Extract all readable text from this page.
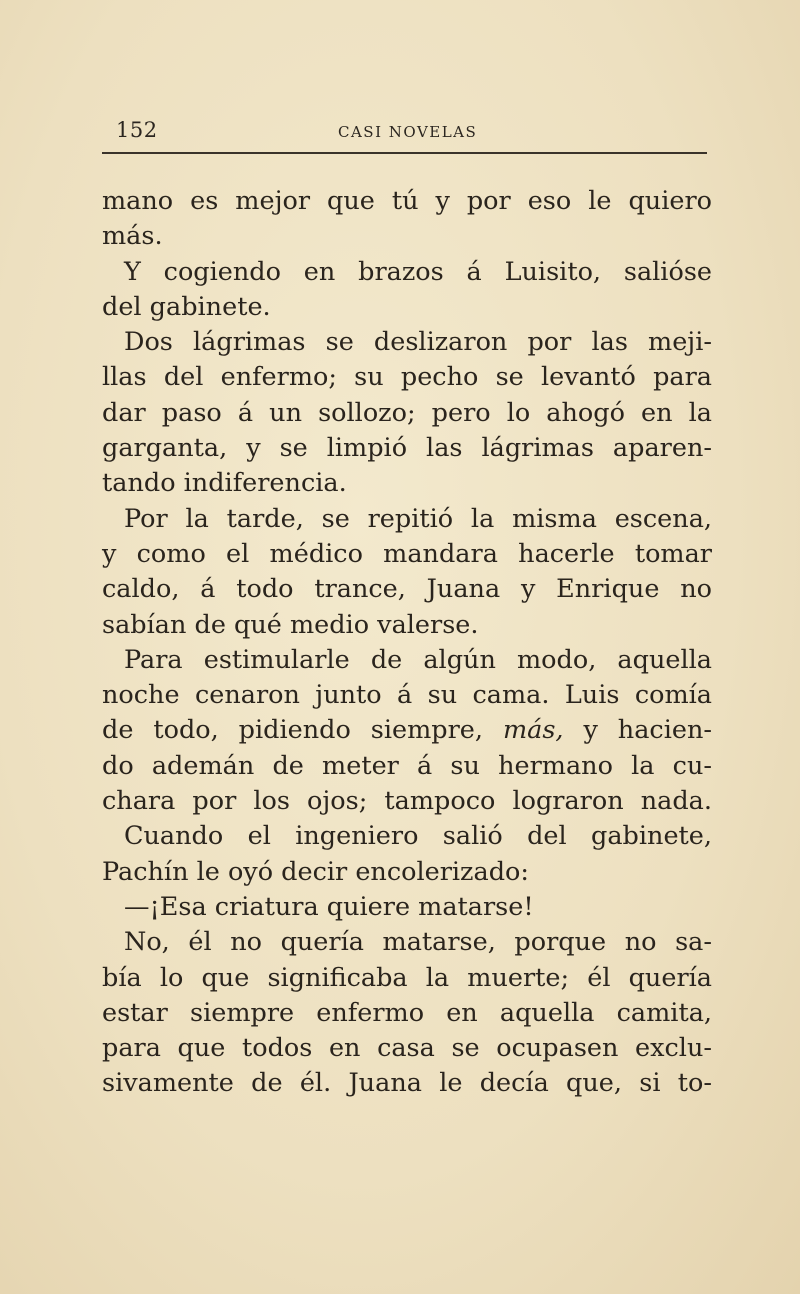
152	CASI NOVELAS
mano es mejor que tú y por eso le quiero
más.
Y cogiendo en brazos á Luisito, salióse
del gabinete.
Dos lágrimas se deslizaron por las meji-
llas del enfermo; su pecho se levantó para
dar paso á un sollozo; pero lo ahogó en la
garganta, y se limpió las lágrimas aparen-
tando indiferencia.
Por la tarde, se repitió la misma escena,
y como el médico mandara hacerle tomar
caldo, á todo trance, Juana y Enrique no
sabían de qué medio valerse.
Para estimularle de algún modo, aquella
noche cenaron junto á su cama. Luis comía
de todo, pidiendo siempre, más, y hacien-
do ademán de meter á su hermano la cu-
chara por los ojos; tampoco lograron nada.
Cuando el ingeniero salió del gabinete,
Pachín le oyó decir encolerizado:
—¡Esa criatura quiere matarse!
No, él no quería matarse, porque no sa-
bía lo que significaba la muerte; él quería
estar siempre enfermo en aquella camita,
para que todos en casa se ocupasen exclu-
sivamente de él. Juana le decía que, si to-
